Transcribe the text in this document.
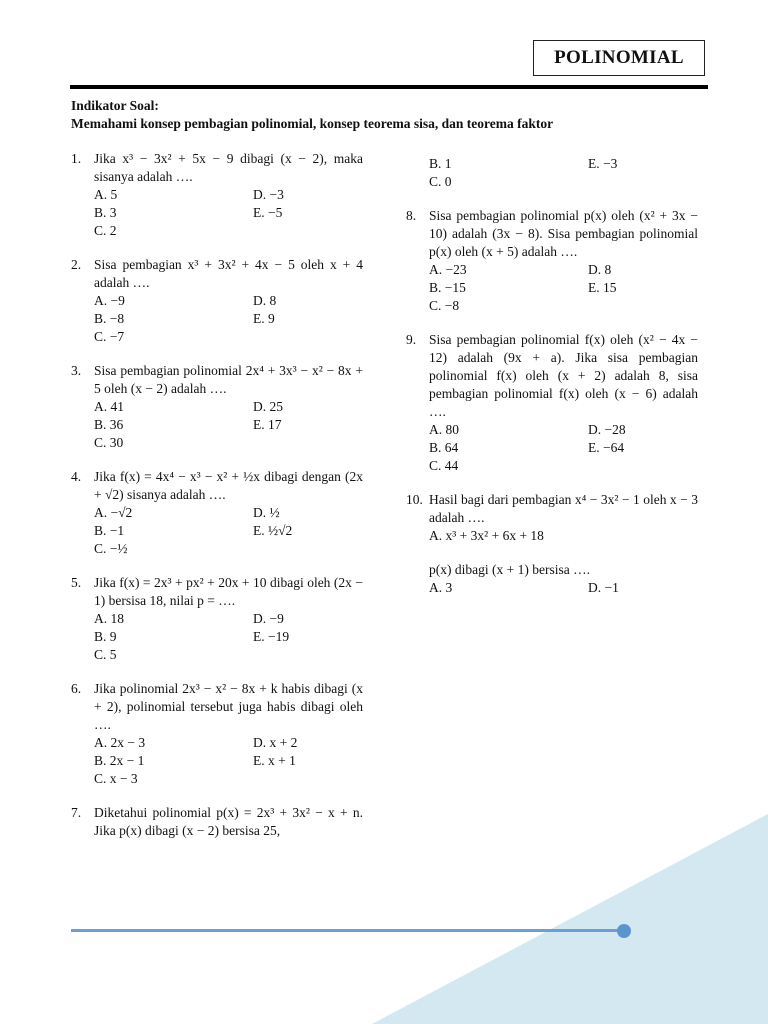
POLINOMIAL
Indikator Soal:
Memahami konsep pembagian polinomial, konsep teorema sisa, dan teorema faktor
1. Jika x³ − 3x² + 5x − 9 dibagi (x − 2), maka sisanya adalah ….
A. 5	D. −3
B. 3	E. −5
C. 2
2. Sisa pembagian x³ + 3x² + 4x − 5 oleh x + 4 adalah ….
A. −9	D. 8
B. −8	E. 9
C. −7
3. Sisa pembagian polinomial 2x⁴ + 3x³ − x² − 8x + 5 oleh (x − 2) adalah ….
A. 41	D. 25
B. 36	E. 17
C. 30
4. Jika f(x) = 4x⁴ − x³ − x² + ½x dibagi dengan (2x + √2) sisanya adalah ….
A. −√2	D. ½
B. −1	E. ½√2
C. −½
5. Jika f(x) = 2x³ + px² + 20x + 10 dibagi oleh (2x − 1) bersisa 18, nilai p = ….
A. 18	D. −9
B. 9	E. −19
C. 5
6. Jika polinomial 2x³ − x² − 8x + k habis dibagi (x + 2), polinomial tersebut juga habis dibagi oleh ….
A. 2x − 3	D. x + 2
B. 2x − 1	E. x + 1
C. x − 3
7. Diketahui polinomial p(x) = 2x³ + 3x² − x + n. Jika p(x) dibagi (x − 2) bersisa 25,
B. 1	E. −3
C. 0
8. Sisa pembagian polinomial p(x) oleh (x² + 3x − 10) adalah (3x − 8). Sisa pembagian polinomial p(x) oleh (x + 5) adalah ….
A. −23	D. 8
B. −15	E. 15
C. −8
9. Sisa pembagian polinomial f(x) oleh (x² − 4x − 12) adalah (9x + a). Jika sisa pembagian polinomial f(x) oleh (x + 2) adalah 8, sisa pembagian polinomial f(x) oleh (x − 6) adalah ….
A. 80	D. −28
B. 64	E. −64
C. 44
10. Hasil bagi dari pembagian x⁴ − 3x² − 1 oleh x − 3 adalah ….
A. x³ + 3x² + 6x + 18
p(x) dibagi (x + 1) bersisa ….
A. 3	D. −1
